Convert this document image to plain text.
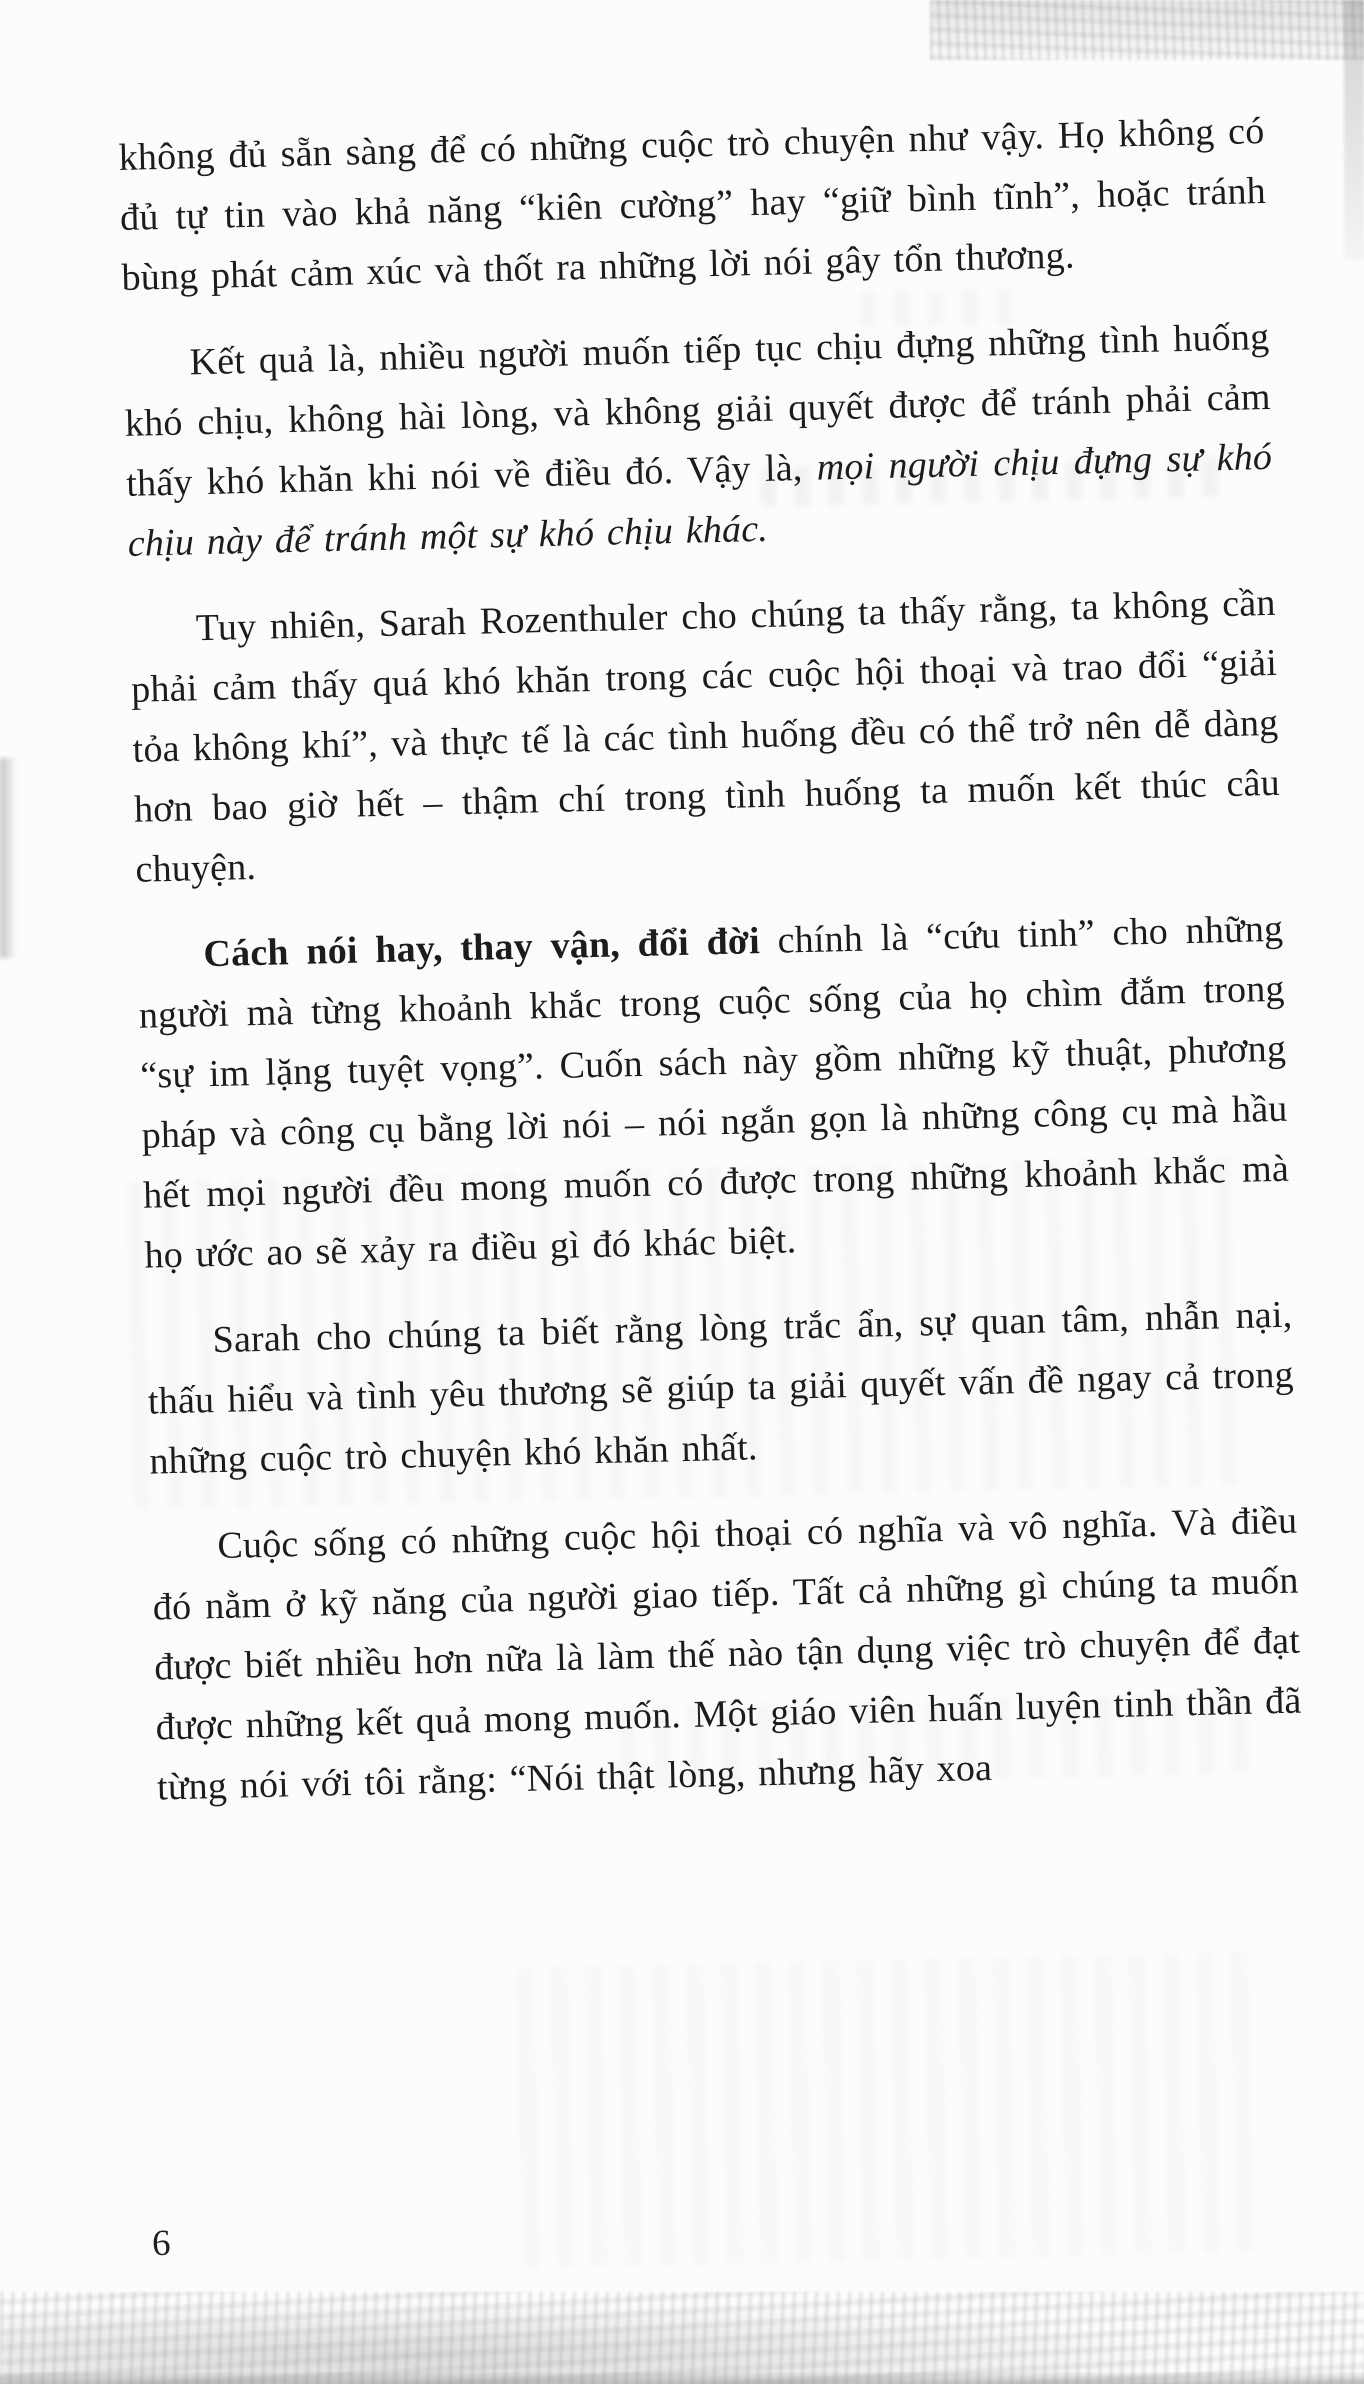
không đủ sẵn sàng để có những cuộc trò chuyện như vậy. Họ không có đủ tự tin vào khả năng “kiên cường” hay “giữ bình tĩnh”, hoặc tránh bùng phát cảm xúc và thốt ra những lời nói gây tổn thương.

Kết quả là, nhiều người muốn tiếp tục chịu đựng những tình huống khó chịu, không hài lòng, và không giải quyết được để tránh phải cảm thấy khó khăn khi nói về điều đó. Vậy là, mọi người chịu đựng sự khó chịu này để tránh một sự khó chịu khác.

Tuy nhiên, Sarah Rozenthuler cho chúng ta thấy rằng, ta không cần phải cảm thấy quá khó khăn trong các cuộc hội thoại và trao đổi “giải tỏa không khí”, và thực tế là các tình huống đều có thể trở nên dễ dàng hơn bao giờ hết – thậm chí trong tình huống ta muốn kết thúc câu chuyện.

Cách nói hay, thay vận, đổi đời chính là “cứu tinh” cho những người mà từng khoảnh khắc trong cuộc sống của họ chìm đắm trong “sự im lặng tuyệt vọng”. Cuốn sách này gồm những kỹ thuật, phương pháp và công cụ bằng lời nói – nói ngắn gọn là những công cụ mà hầu hết mọi người đều mong muốn có được trong những khoảnh khắc mà họ ước ao sẽ xảy ra điều gì đó khác biệt.

Sarah cho chúng ta biết rằng lòng trắc ẩn, sự quan tâm, nhẫn nại, thấu hiểu và tình yêu thương sẽ giúp ta giải quyết vấn đề ngay cả trong những cuộc trò chuyện khó khăn nhất.

Cuộc sống có những cuộc hội thoại có nghĩa và vô nghĩa. Và điều đó nằm ở kỹ năng của người giao tiếp. Tất cả những gì chúng ta muốn được biết nhiều hơn nữa là làm thế nào tận dụng việc trò chuyện để đạt được những kết quả mong muốn. Một giáo viên huấn luyện tinh thần đã từng nói với tôi rằng: “Nói thật lòng, nhưng hãy xoa

6
